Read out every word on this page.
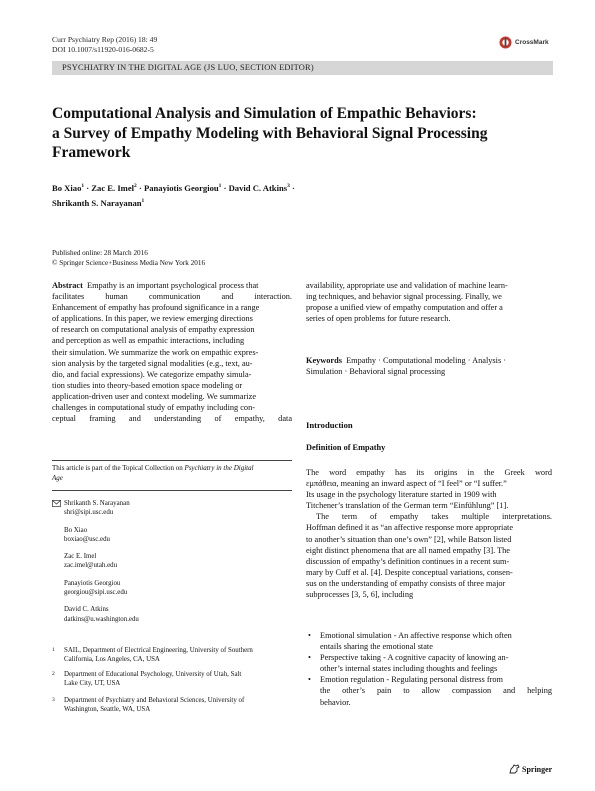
Curr Psychiatry Rep (2016) 18: 49
DOI 10.1007/s11920-016-0682-5
CrossMark
PSYCHIATRY IN THE DIGITAL AGE (JS LUO, SECTION EDITOR)
Computational Analysis and Simulation of Empathic Behaviors:
a Survey of Empathy Modeling with Behavioral Signal Processing
Framework
Bo Xiao$^1$ · Zac E. Imel$^2$ · Panayiotis Georgiou$^1$ · David C. Atkins$^3$ ·
Shrikanth S. Narayanan$^1$
Published online: 28 March 2016
© Springer Science+Business Media New York 2016
Abstract Empathy is an important psychological process that
facilitates human communication and interaction.
Enhancement of empathy has profound significance in a range
of applications. In this paper, we review emerging directions
of research on computational analysis of empathy expression
and perception as well as empathic interactions, including
their simulation. We summarize the work on empathic expres-
sion analysis by the targeted signal modalities (e.g., text, au-
dio, and facial expressions). We categorize empathy simula-
tion studies into theory-based emotion space modeling or
application-driven user and context modeling. We summarize
challenges in computational study of empathy including con-
ceptual framing and understanding of empathy, data
This article is part of the Topical Collection on Psychiatry in the Digital
Age
Shrikanth S. Narayanan
shri@sipi.usc.edu
Bo Xiao
boxiao@usc.edu
Zac E. Imel
zac.imel@utah.edu
Panayiotis Georgiou
georgiou@sipi.usc.edu
David C. Atkins
datkins@u.washington.edu
1 SAIL, Department of Electrical Engineering, University of Southern
California, Los Angeles, CA, USA
2 Department of Educational Psychology, University of Utah, Salt
Lake City, UT, USA
3 Department of Psychiatry and Behavioral Sciences, University of
Washington, Seattle, WA, USA
availability, appropriate use and validation of machine learn-
ing techniques, and behavior signal processing. Finally, we
propose a unified view of empathy computation and offer a
series of open problems for future research.
Keywords Empathy · Computational modeling · Analysis ·
Simulation · Behavioral signal processing
Introduction
Definition of Empathy
The word empathy has its origins in the Greek word
εμπάθεια, meaning an inward aspect of “I feel” or “I suffer.”
Its usage in the psychology literature started in 1909 with
Titchener’s translation of the German term “Einfühlung” [1].
The term of empathy takes multiple interpretations.
Hoffman defined it as “an affective response more appropriate
to another’s situation than one’s own” [2], while Batson listed
eight distinct phenomena that are all named empathy [3]. The
discussion of empathy’s definition continues in a recent sum-
mary by Cuff et al. [4]. Despite conceptual variations, consen-
sus on the understanding of empathy consists of three major
subprocesses [3, 5, 6], including
• Emotional simulation - An affective response which often
entails sharing the emotional state
• Perspective taking - A cognitive capacity of knowing an-
other’s internal states including thoughts and feelings
• Emotion regulation - Regulating personal distress from
the other’s pain to allow compassion and helping
behavior.
Springer
